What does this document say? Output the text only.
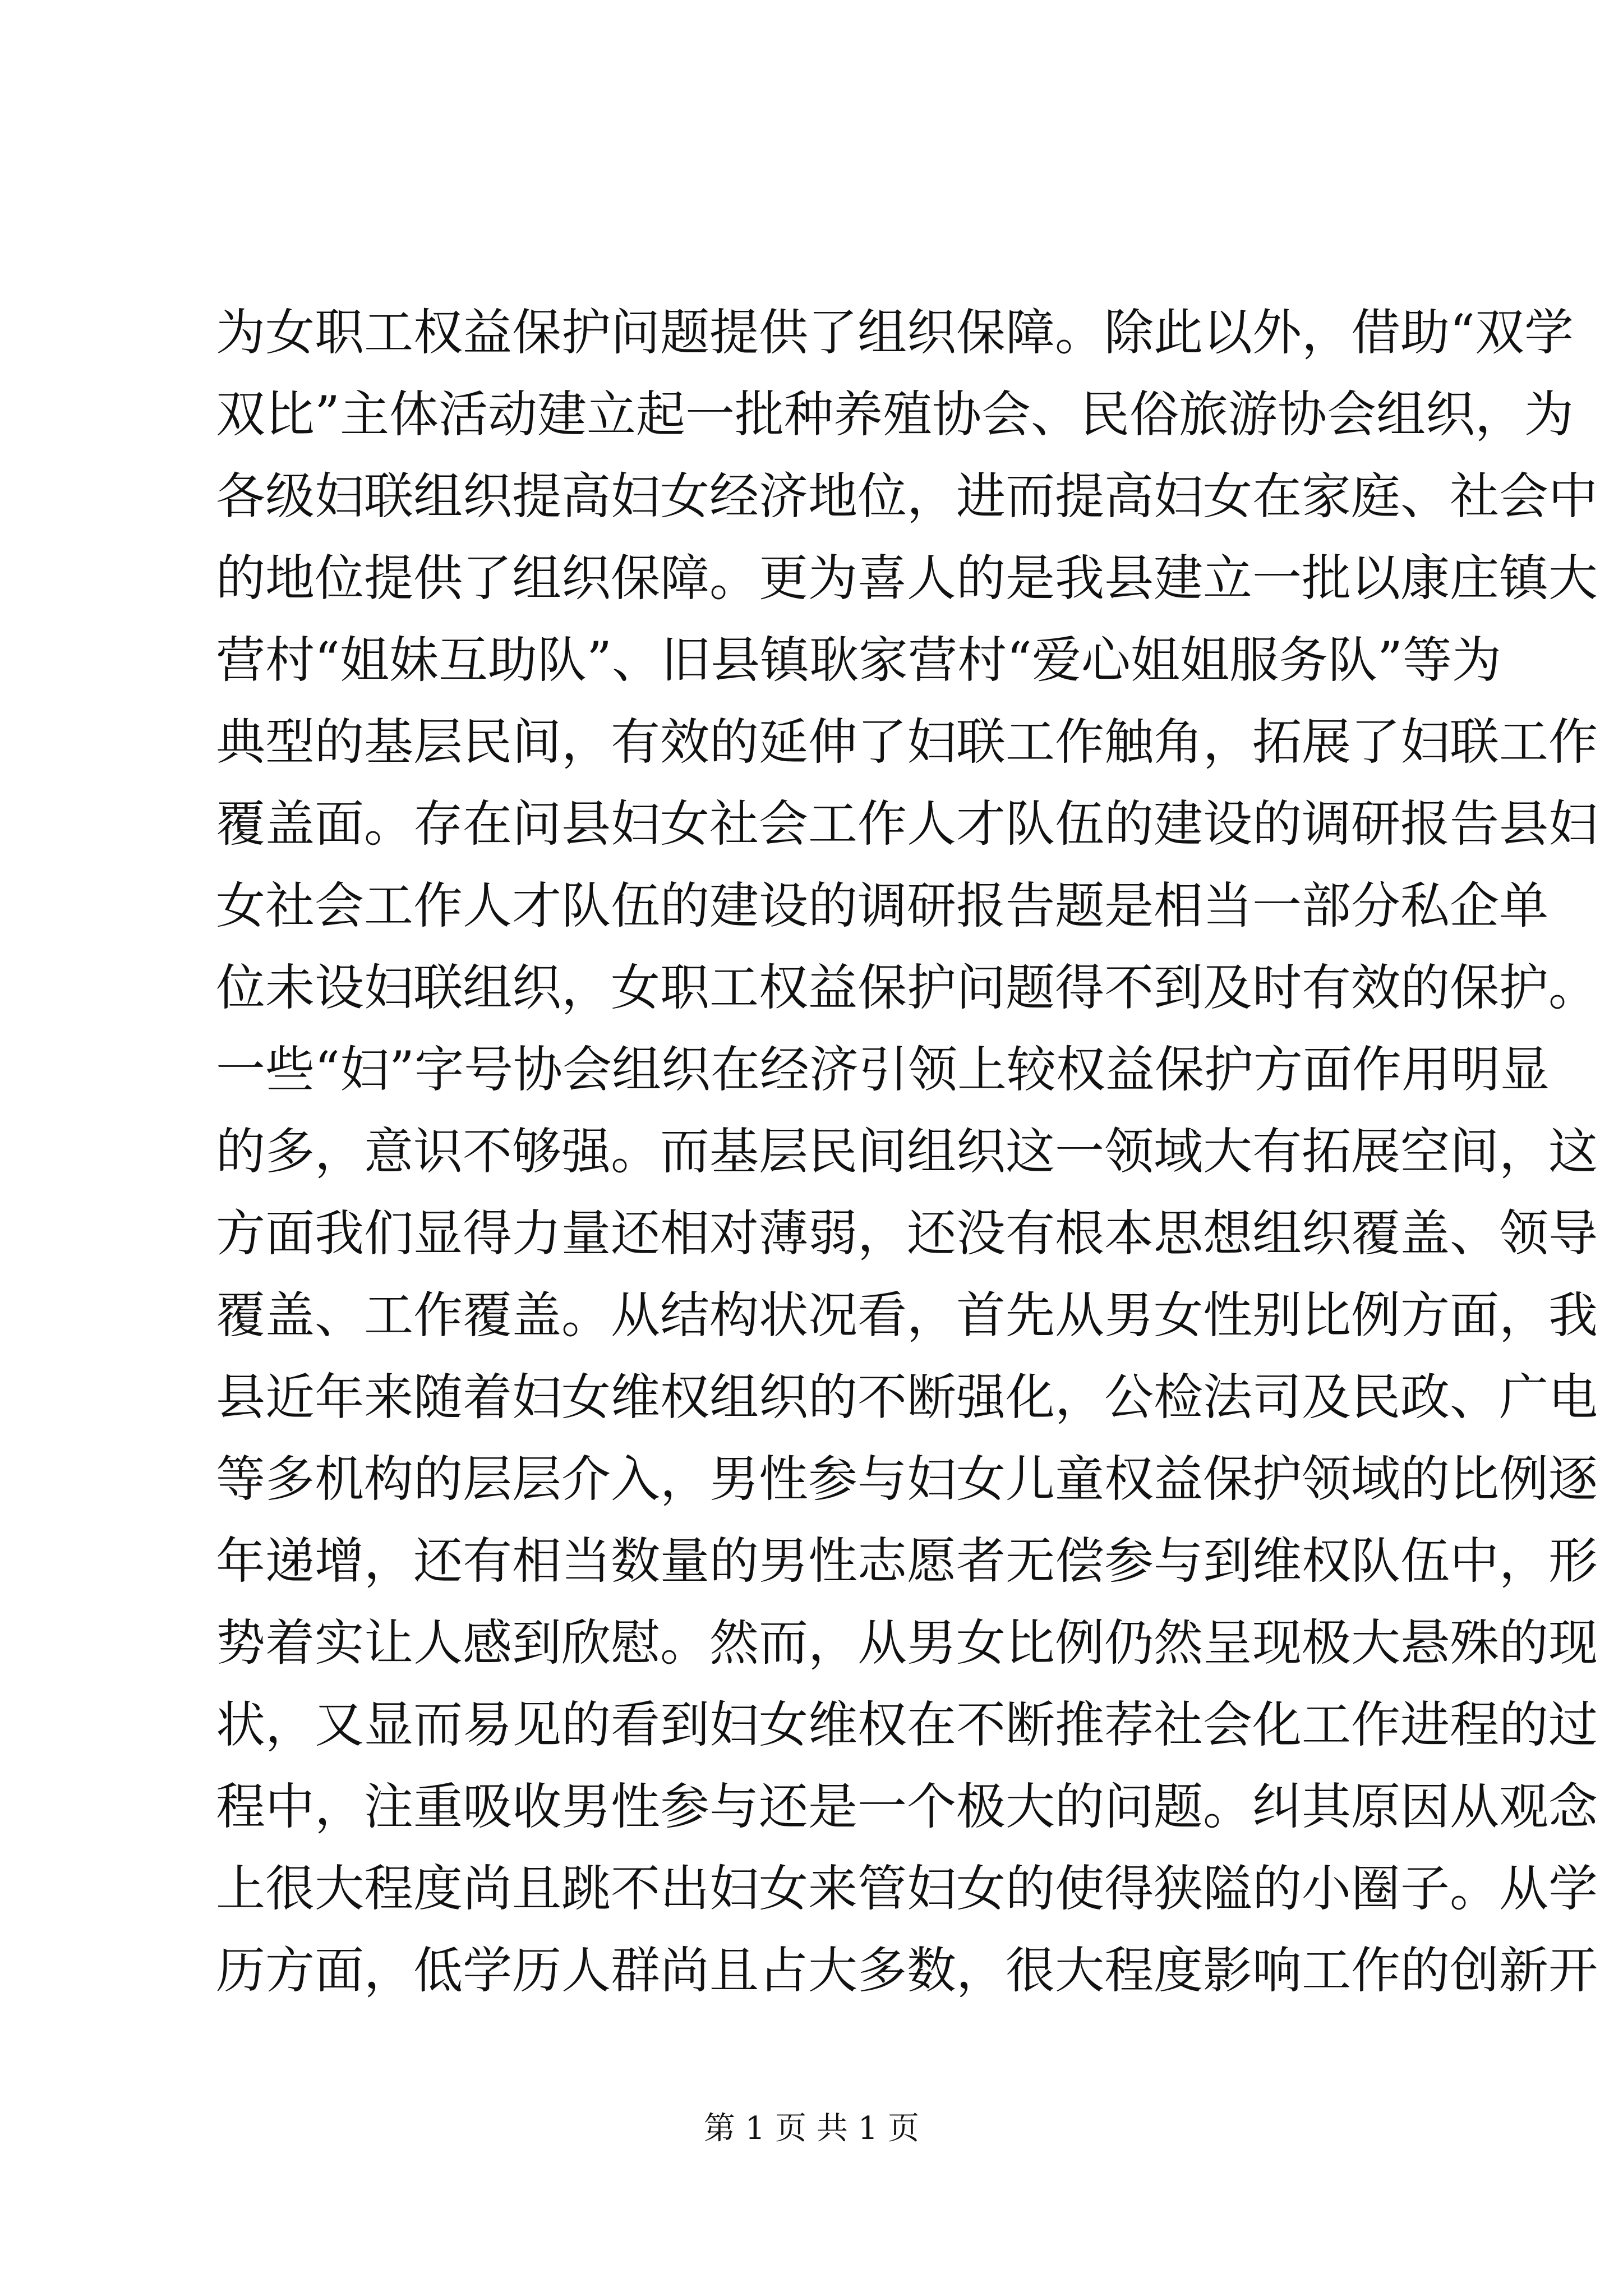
为女职工权益保护问题提供了组织保障。除此以外，借助“双学
双比”主体活动建立起一批种养殖协会、民俗旅游协会组织，为
各级妇联组织提高妇女经济地位，进而提高妇女在家庭、社会中
的地位提供了组织保障。更为喜人的是我县建立一批以康庄镇大
营村“姐妹互助队”、旧县镇耿家营村“爱心姐姐服务队”等为
典型的基层民间，有效的延伸了妇联工作触角，拓展了妇联工作
覆盖面。存在问县妇女社会工作人才队伍的建设的调研报告县妇
女社会工作人才队伍的建设的调研报告题是相当一部分私企单
位未设妇联组织，女职工权益保护问题得不到及时有效的保护。
一些“妇”字号协会组织在经济引领上较权益保护方面作用明显
的多，意识不够强。而基层民间组织这一领域大有拓展空间，这
方面我们显得力量还相对薄弱，还没有根本思想组织覆盖、领导
覆盖、工作覆盖。从结构状况看，首先从男女性别比例方面，我
县近年来随着妇女维权组织的不断强化，公检法司及民政、广电
等多机构的层层介入，男性参与妇女儿童权益保护领域的比例逐
年递增，还有相当数量的男性志愿者无偿参与到维权队伍中，形
势着实让人感到欣慰。然而，从男女比例仍然呈现极大悬殊的现
状，又显而易见的看到妇女维权在不断推荐社会化工作进程的过
程中，注重吸收男性参与还是一个极大的问题。纠其原因从观念
上很大程度尚且跳不出妇女来管妇女的使得狭隘的小圈子。从学
历方面，低学历人群尚且占大多数，很大程度影响工作的创新开
第 1 页 共 1 页
